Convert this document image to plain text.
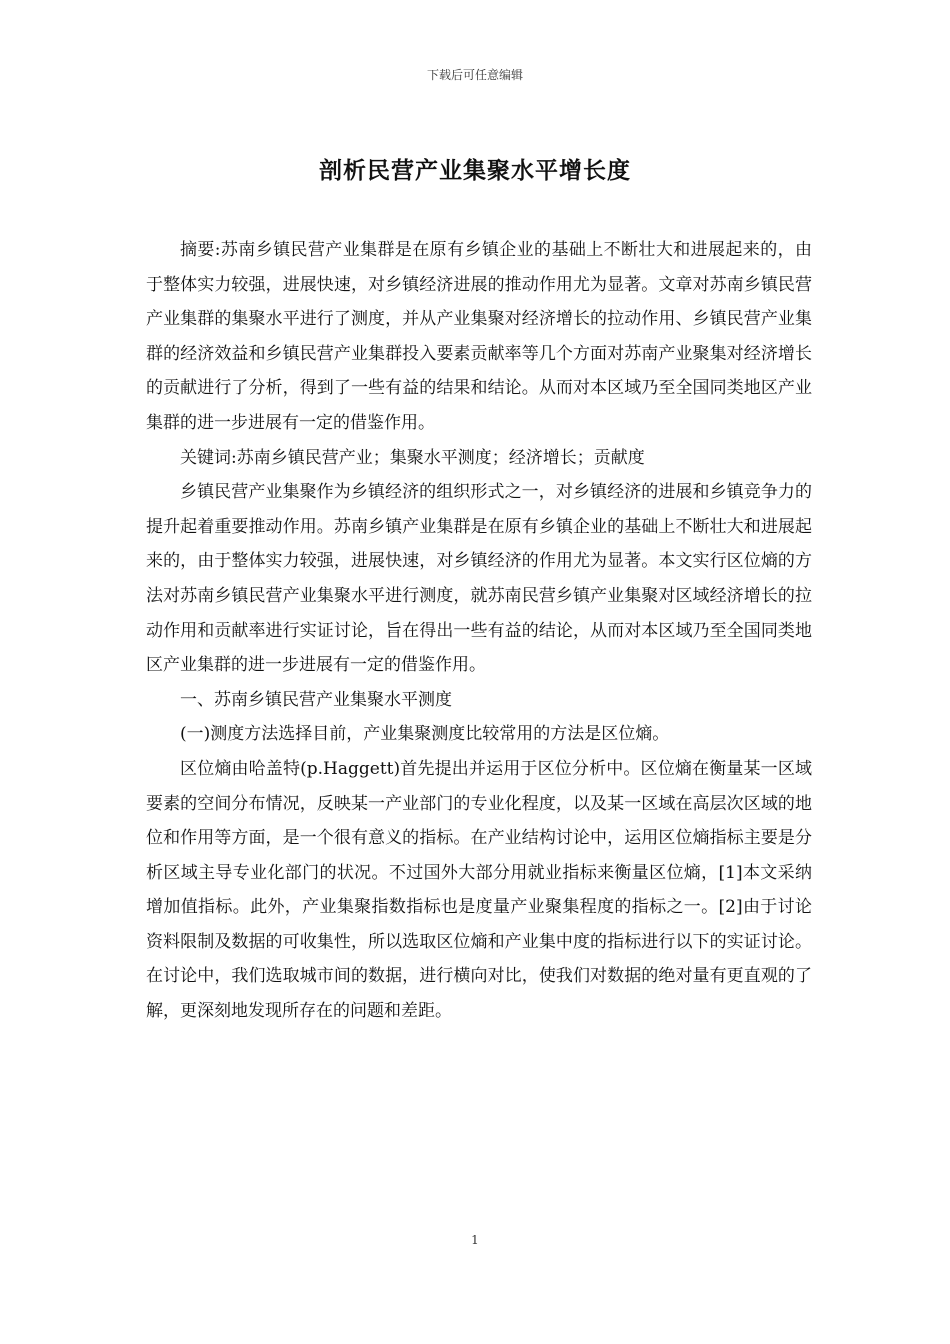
下载后可任意编辑
剖析民营产业集聚水平增长度

摘要:苏南乡镇民营产业集群是在原有乡镇企业的基础上不断壮大和进展起来的，由于整体实力较强，进展快速，对乡镇经济进展的推动作用尤为显著。文章对苏南乡镇民营产业集群的集聚水平进行了测度，并从产业集聚对经济增长的拉动作用、乡镇民营产业集群的经济效益和乡镇民营产业集群投入要素贡献率等几个方面对苏南产业聚集对经济增长的贡献进行了分析，得到了一些有益的结果和结论。从而对本区域乃至全国同类地区产业集群的进一步进展有一定的借鉴作用。

关键词:苏南乡镇民营产业；集聚水平测度；经济增长；贡献度

乡镇民营产业集聚作为乡镇经济的组织形式之一，对乡镇经济的进展和乡镇竞争力的提升起着重要推动作用。苏南乡镇产业集群是在原有乡镇企业的基础上不断壮大和进展起来的，由于整体实力较强，进展快速，对乡镇经济的作用尤为显著。本文实行区位熵的方法对苏南乡镇民营产业集聚水平进行测度，就苏南民营乡镇产业集聚对区域经济增长的拉动作用和贡献率进行实证讨论，旨在得出一些有益的结论，从而对本区域乃至全国同类地区产业集群的进一步进展有一定的借鉴作用。

一、苏南乡镇民营产业集聚水平测度

(一)测度方法选择目前，产业集聚测度比较常用的方法是区位熵。

区位熵由哈盖特(p.Haggett)首先提出并运用于区位分析中。区位熵在衡量某一区域要素的空间分布情况，反映某一产业部门的专业化程度，以及某一区域在高层次区域的地位和作用等方面，是一个很有意义的指标。在产业结构讨论中，运用区位熵指标主要是分析区域主导专业化部门的状况。不过国外大部分用就业指标来衡量区位熵，[1]本文采纳增加值指标。此外，产业集聚指数指标也是度量产业聚集程度的指标之一。[2]由于讨论资料限制及数据的可收集性，所以选取区位熵和产业集中度的指标进行以下的实证讨论。在讨论中，我们选取城市间的数据，进行横向对比，使我们对数据的绝对量有更直观的了解，更深刻地发现所存在的问题和差距。

1
